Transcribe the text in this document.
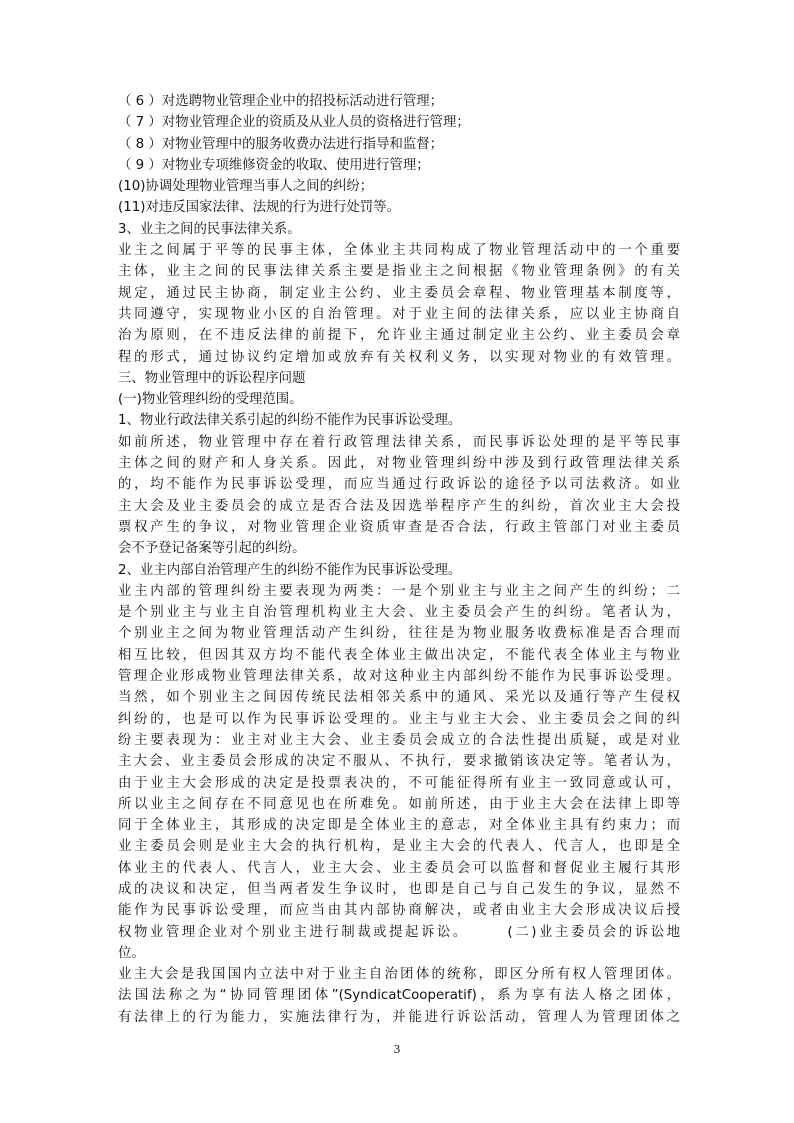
（ 6 ）对选聘物业管理企业中的招投标活动进行管理；
（ 7 ）对物业管理企业的资质及从业人员的资格进行管理；
（ 8 ）对物业管理中的服务收费办法进行指导和监督；
（ 9 ）对物业专项维修资金的收取、使用进行管理；
(10)协调处理物业管理当事人之间的纠纷；
(11)对违反国家法律、法规的行为进行处罚等。
3、业主之间的民事法律关系。
业主之间属于平等的民事主体，全体业主共同构成了物业管理活动中的一个重要
主体，业主之间的民事法律关系主要是指业主之间根据《物业管理条例》的有关
规定，通过民主协商，制定业主公约、业主委员会章程、物业管理基本制度等，
共同遵守，实现物业小区的自治管理。对于业主间的法律关系，应以业主协商自
治为原则，在不违反法律的前提下，允许业主通过制定业主公约、业主委员会章
程的形式，通过协议约定增加或放弃有关权利义务，以实现对物业的有效管理。
三、物业管理中的诉讼程序问题
(一)物业管理纠纷的受理范围。
1、物业行政法律关系引起的纠纷不能作为民事诉讼受理。
如前所述，物业管理中存在着行政管理法律关系，而民事诉讼处理的是平等民事
主体之间的财产和人身关系。因此，对物业管理纠纷中涉及到行政管理法律关系
的，均不能作为民事诉讼受理，而应当通过行政诉讼的途径予以司法救济。如业
主大会及业主委员会的成立是否合法及因选举程序产生的纠纷，首次业主大会投
票权产生的争议，对物业管理企业资质审查是否合法，行政主管部门对业主委员
会不予登记备案等引起的纠纷。
2、业主内部自治管理产生的纠纷不能作为民事诉讼受理。
业主内部的管理纠纷主要表现为两类：一是个别业主与业主之间产生的纠纷；二
是个别业主与业主自治管理机构业主大会、业主委员会产生的纠纷。笔者认为，
个别业主之间为物业管理活动产生纠纷，往往是为物业服务收费标准是否合理而
相互比较，但因其双方均不能代表全体业主做出决定，不能代表全体业主与物业
管理企业形成物业管理法律关系，故对这种业主内部纠纷不能作为民事诉讼受理。
当然，如个别业主之间因传统民法相邻关系中的通风、采光以及通行等产生侵权
纠纷的，也是可以作为民事诉讼受理的。业主与业主大会、业主委员会之间的纠
纷主要表现为：业主对业主大会、业主委员会成立的合法性提出质疑，或是对业
主大会、业主委员会形成的决定不服从、不执行，要求撤销该决定等。笔者认为，
由于业主大会形成的决定是投票表决的，不可能征得所有业主一致同意或认可，
所以业主之间存在不同意见也在所难免。如前所述，由于业主大会在法律上即等
同于全体业主，其形成的决定即是全体业主的意志，对全体业主具有约束力；而
业主委员会则是业主大会的执行机构，是业主大会的代表人、代言人，也即是全
体业主的代表人、代言人，业主大会、业主委员会可以监督和督促业主履行其形
成的决议和决定，但当两者发生争议时，也即是自己与自己发生的争议，显然不
能作为民事诉讼受理，而应当由其内部协商解决，或者由业主大会形成决议后授
权物业管理企业对个别业主进行制裁或提起诉讼。 　　(二)业主委员会的诉讼地
位。
业主大会是我国国内立法中对于业主自治团体的统称，即区分所有权人管理团体。
法国法称之为“协同管理团体”(SyndicatCooperatif)，系为享有法人格之团体，
有法律上的行为能力，实施法律行为，并能进行诉讼活动，管理人为管理团体之
3
